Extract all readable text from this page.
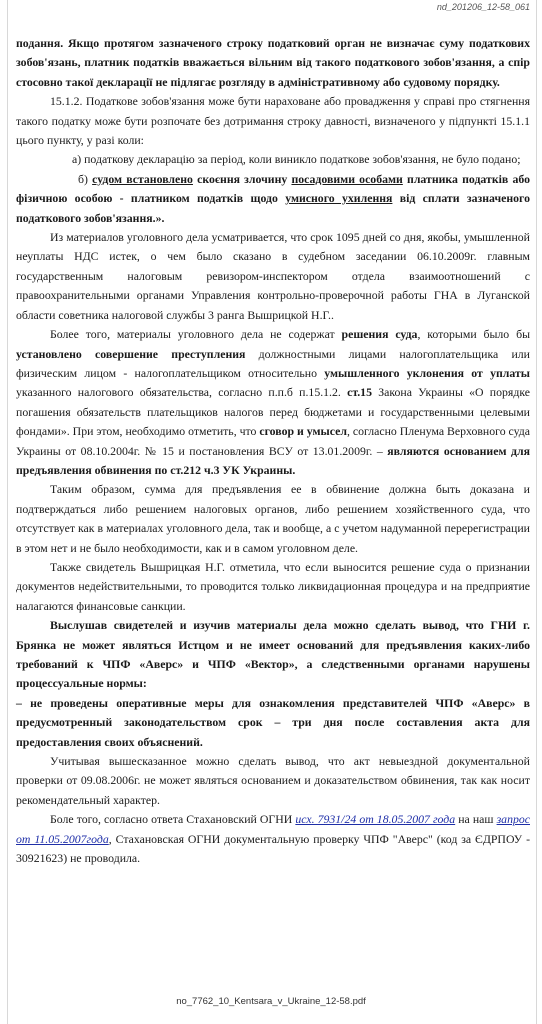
nd_201206_12-58_061

подання. Якщо протягом зазначеного строку податковий орган не визначає суму податкових зобов'язань, платник податків вважається вільним від такого податкового зобов'язання, а спір стосовно такої декларації не підлягає розгляду в адміністративному або судовому порядку.

15.1.2. Податкове зобов'язання може бути нараховане або провадження у справі про стягнення такого податку може бути розпочате без дотримання строку давності, визначеного у підпункті 15.1.1 цього пункту, у разі коли:

а) податкову декларацію за період, коли виникло податкове зобов'язання, не було подано;

б) судом встановлено скоєння злочину посадовими особами платника податків або фізичною особою - платником податків щодо умисного ухилення від сплати зазначеного податкового зобов'язання.».

Из материалов уголовного дела усматривается, что срок 1095 дней со дня, якобы, умышленной неуплаты НДС истек, о чем было сказано в судебном заседании 06.10.2009г. главным государственным налоговым ревизором-инспектором отдела взаимоотношений с правоохранительными органами Управления контрольно-проверочной работы ГНА в Луганской области советника налоговой службы 3 ранга Вышрицкой Н.Г..

Более того, материалы уголовного дела не содержат решения суда, которыми было бы установлено совершение преступления должностными лицами налогоплательщика или физическим лицом - налогоплательщиком относительно умышленного уклонения от уплаты указанного налогового обязательства, согласно п.п.б п.15.1.2. ст.15 Закона Украины «О порядке погашения обязательств плательщиков налогов перед бюджетами и государственными целевыми фондами». При этом, необходимо отметить, что сговор и умысел, согласно Пленума Верховного суда Украины от 08.10.2004г. № 15 и постановления ВСУ от 13.01.2009г. – являются основанием для предъявления обвинения по ст.212 ч.3 УК Украины.

Таким образом, сумма для предъявления ее в обвинение должна быть доказана и подтверждаться либо решением налоговых органов, либо решением хозяйственного суда, что отсутствует как в материалах уголовного дела, так и вообще, а с учетом надуманной перерегистрации в этом нет и не было необходимости, как и в самом уголовном деле.

Также свидетель Вышрицкая Н.Г. отметила, что если выносится решение суда о признании документов недействительными, то проводится только ликвидационная процедура и на предприятие налагаются финансовые санкции.

Выслушав свидетелей и изучив материалы дела можно сделать вывод, что ГНИ г. Брянка не может являться Истцом и не имеет оснований для предъявления каких-либо требований к ЧПФ «Аверс» и ЧПФ «Вектор», а следственными органами нарушены процессуальные нормы:

– не проведены оперативные меры для ознакомления представителей ЧПФ «Аверс» в предусмотренный законодательством срок – три дня после составления акта для предоставления своих объяснений.

Учитывая вышесказанное можно сделать вывод, что акт невыездной документальной проверки от 09.08.2006г. не может являться основанием и доказательством обвинения, так как носит рекомендательный характер.

Боле того, согласно ответа Стахановский ОГНИ исх. 7931/24 от 18.05.2007 года на наш запрос от 11.05.2007года, Стахановская ОГНИ документальную проверку ЧПФ "Аверс" (код за ЄДРПОУ - 30921623) не проводила.

no_7762_10_Kentsara_v_Ukraine_12-58.pdf
